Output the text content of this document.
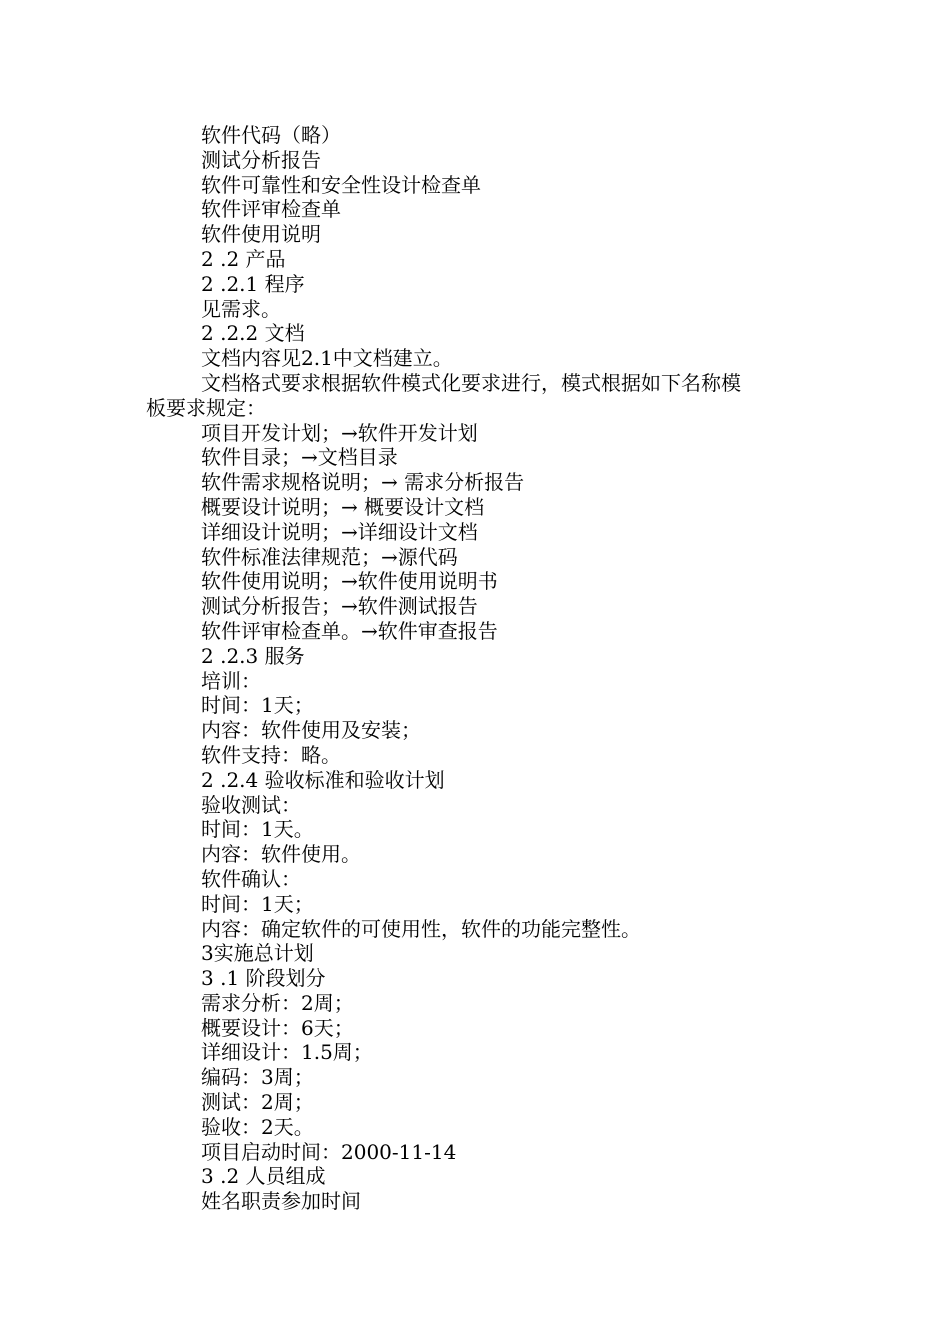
软件代码（略）
测试分析报告
软件可靠性和安全性设计检查单
软件评审检查单
软件使用说明
2 .2 产品
2 .2.1 程序
见需求。
2 .2.2 文档
文档内容见2.1中文档建立。
文档格式要求根据软件模式化要求进行，模式根据如下名称模
板要求规定：
项目开发计划；→软件开发计划
软件目录；→文档目录
软件需求规格说明；→ 需求分析报告
概要设计说明；→ 概要设计文档
详细设计说明；→详细设计文档
软件标准法律规范；→源代码
软件使用说明；→软件使用说明书
测试分析报告；→软件测试报告
软件评审检查单。→软件审查报告
2 .2.3 服务
培训：
时间：1天；
内容：软件使用及安装；
软件支持：略。
2 .2.4 验收标准和验收计划
验收测试：
时间：1天。
内容：软件使用。
软件确认：
时间：1天；
内容：确定软件的可使用性，软件的功能完整性。
3实施总计划
3 .1 阶段划分
需求分析：2周；
概要设计：6天；
详细设计：1.5周；
编码：3周；
测试：2周；
验收：2天。
项目启动时间：2000-11-14
3 .2 人员组成
姓名职责参加时间
